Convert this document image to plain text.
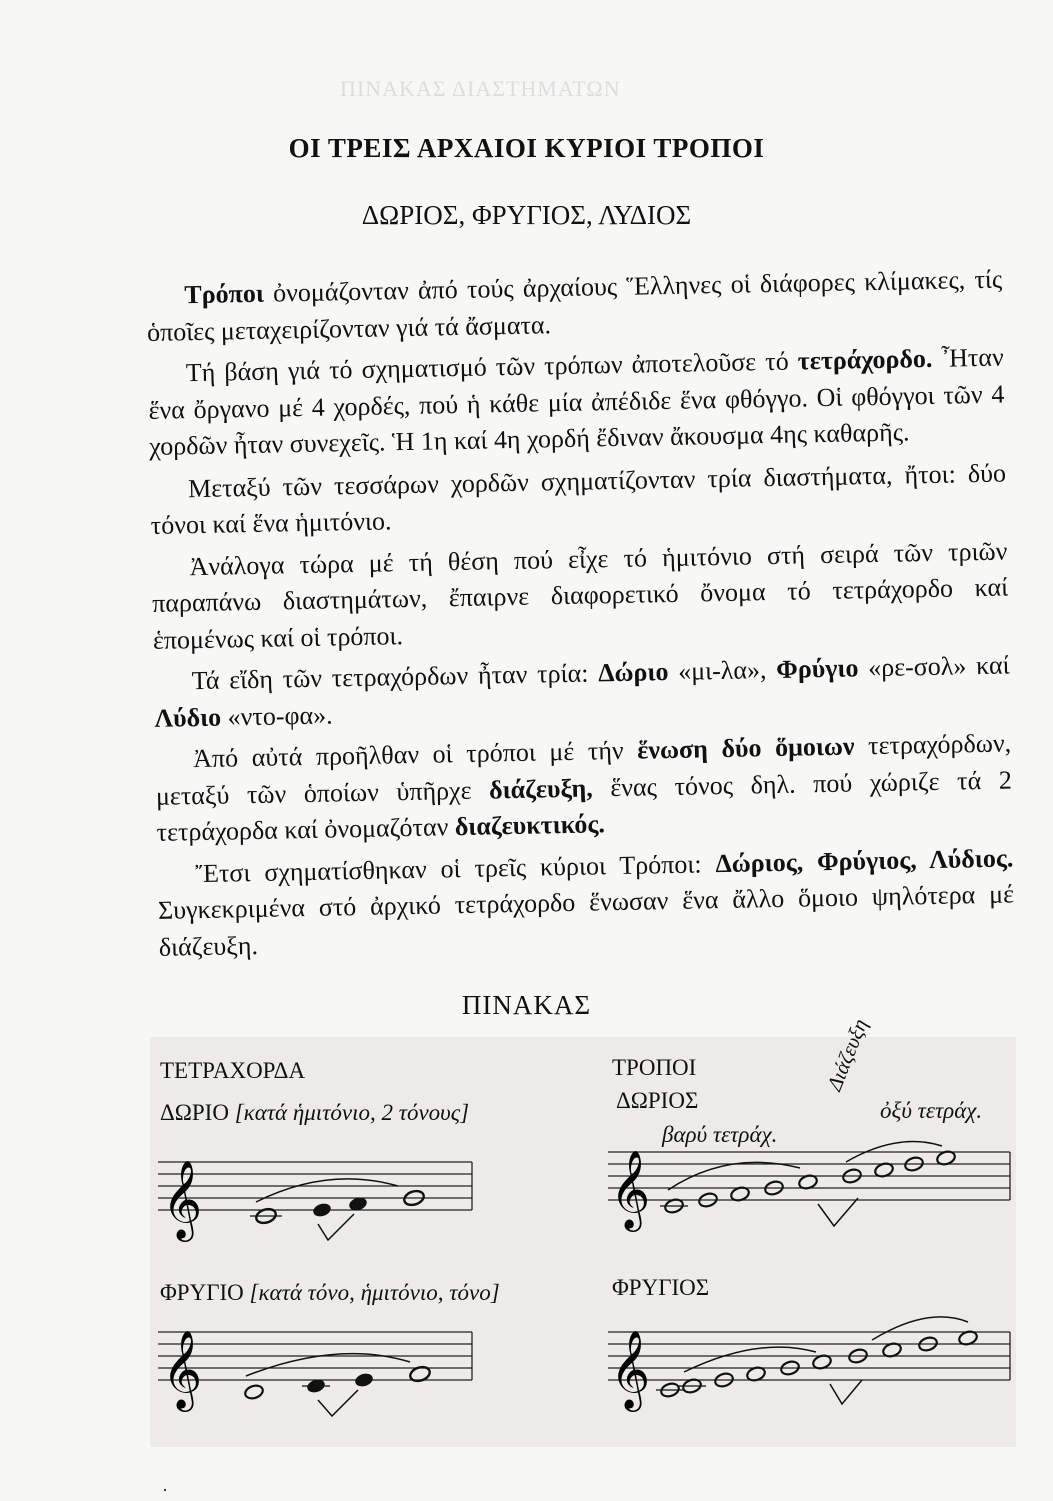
ΠΙΝΑΚΑΣ ΔΙΑΣΤΗΜΑΤΩΝ
ΟΙ ΤΡΕΙΣ ΑΡΧΑΙΟΙ ΚΥΡΙΟΙ ΤΡΟΠΟΙ
ΔΩΡΙΟΣ, ΦΡΥΓΙΟΣ, ΛΥΔΙΟΣ

Τρόποι ὀνομάζονταν ἀπό τούς ἀρχαίους Ἕλληνες οἱ διάφορες κλίμακες, τίς ὁποῖες μεταχειρίζονταν γιά τά ἄσματα.

Τή βάση γιά τό σχηματισμό τῶν τρόπων ἀποτελοῦσε τό τετράχορδο. Ἦταν ἕνα ὄργανο μέ 4 χορδές, πού ἡ κάθε μία ἀπέδιδε ἕνα φθόγγο. Οἱ φθόγγοι τῶν 4 χορδῶν ἦταν συνεχεῖς. Ἡ 1η καί 4η χορδή ἔδιναν ἄκουσμα 4ης καθαρῆς.

Μεταξύ τῶν τεσσάρων χορδῶν σχηματίζονταν τρία διαστήματα, ἤτοι: δύο τόνοι καί ἕνα ἡμιτόνιο.

Ἀνάλογα τώρα μέ τή θέση πού εἶχε τό ἡμιτόνιο στή σειρά τῶν τριῶν παραπάνω διαστημάτων, ἔπαιρνε διαφορετικό ὄνομα τό τετράχορδο καί ἑπομένως καί οἱ τρόποι.

Τά εἴδη τῶν τετραχόρδων ἦταν τρία: Δώριο «μι-λα», Φρύγιο «ρε-σολ» καί Λύδιο «ντο-φα».

Ἀπό αὐτά προῆλθαν οἱ τρόποι μέ τήν ἕνωση δύο ὅμοιων τετραχόρδων, μεταξύ τῶν ὁποίων ὑπῆρχε διάζευξη, ἕνας τόνος δηλ. πού χώριζε τά 2 τετράχορδα καί ὀνομαζόταν διαζευκτικός.

Ἔτσι σχηματίσθηκαν οἱ τρεῖς κύριοι Τρόποι: Δώριος, Φρύγιος, Λύδιος. Συγκεκριμένα στό ἀρχικό τετράχορδο ἕνωσαν ἕνα ἄλλο ὅμοιο ψηλότερα μέ διάζευξη.

ΠΙΝΑΚΑΣ
ΤΕΤΡΑΧΟΡΔΑ
ΔΩΡΙΟ [κατά ἡμιτόνιο, 2 τόνους]
ΦΡΥΓΙΟ [κατά τόνο, ἡμιτόνιο, τόνο]
ΤΡΟΠΟΙ
ΔΩΡΙΟΣ
βαρύ τετράχ.
ὀξύ τετράχ.
Διάζευξη
ΦΡΥΓΙΟΣ
𝄞	𝄞
𝄞	𝄞
·
